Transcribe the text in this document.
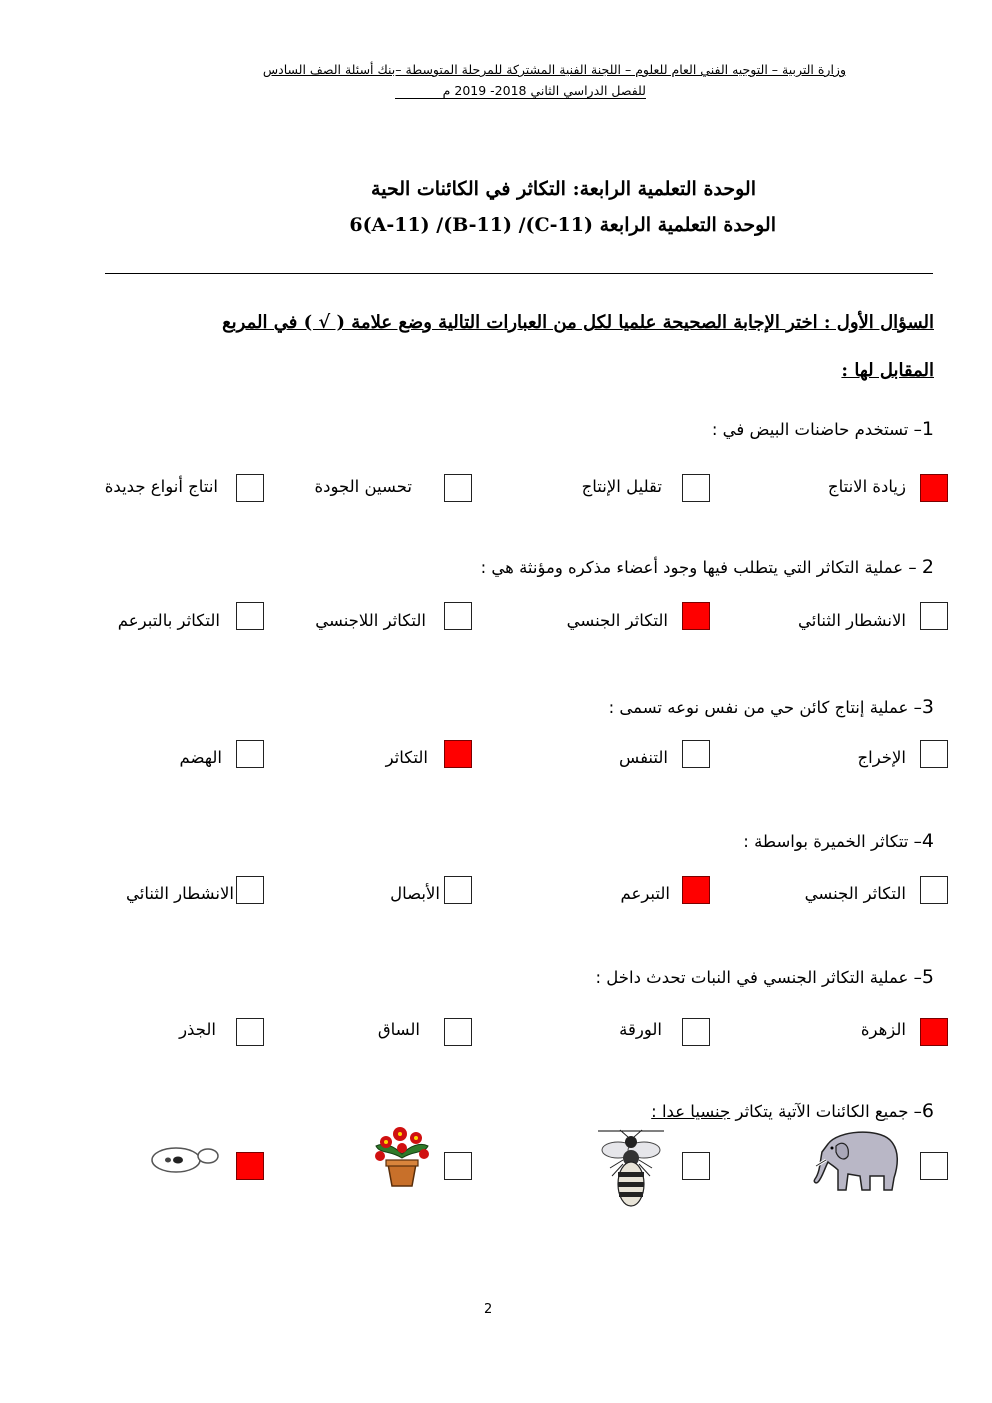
وزارة التربية – التوجيه الفني العام للعلوم – اللجنة الفنية المشتركة للمرحلة المتوسطة –بنك أسئلة الصف السادس
للفصل الدراسي الثاني 2018- 2019 م
الوحدة التعلمية الرابعة: التكاثر في الكائنات الحية
الوحدة التعلمية الرابعة (C-11)/ (B-11)/ (A-11)6
السؤال الأول : اختر الإجابة الصحيحة علميا لكل من العبارات التالية وضع علامة ( √ ) في المربع
المقابل لها :
1– تستخدم حاضنات البيض في :
زيادة الانتاج
تقليل الإنتاج
تحسين الجودة
انتاج أنواع جديدة
2 – عملية التكاثر التي يتطلب فيها وجود أعضاء مذكره ومؤنثة هي :
الانشطار الثنائي
التكاثر الجنسي
التكاثر اللاجنسي
التكاثر بالتبرعم
3– عملية إنتاج كائن حي من نفس نوعه تسمى :
الإخراج
التنفس
التكاثر
الهضم
4– تتكاثر الخميرة بواسطة :
التكاثر الجنسي
التبرعم
الأبصال
الانشطار الثنائي
5– عملية التكاثر الجنسي في النبات تحدث داخل :
الزهرة
الورقة
الساق
الجذر
6– جميع الكائنات الآتية يتكاثر جنسيا عدا :
2
